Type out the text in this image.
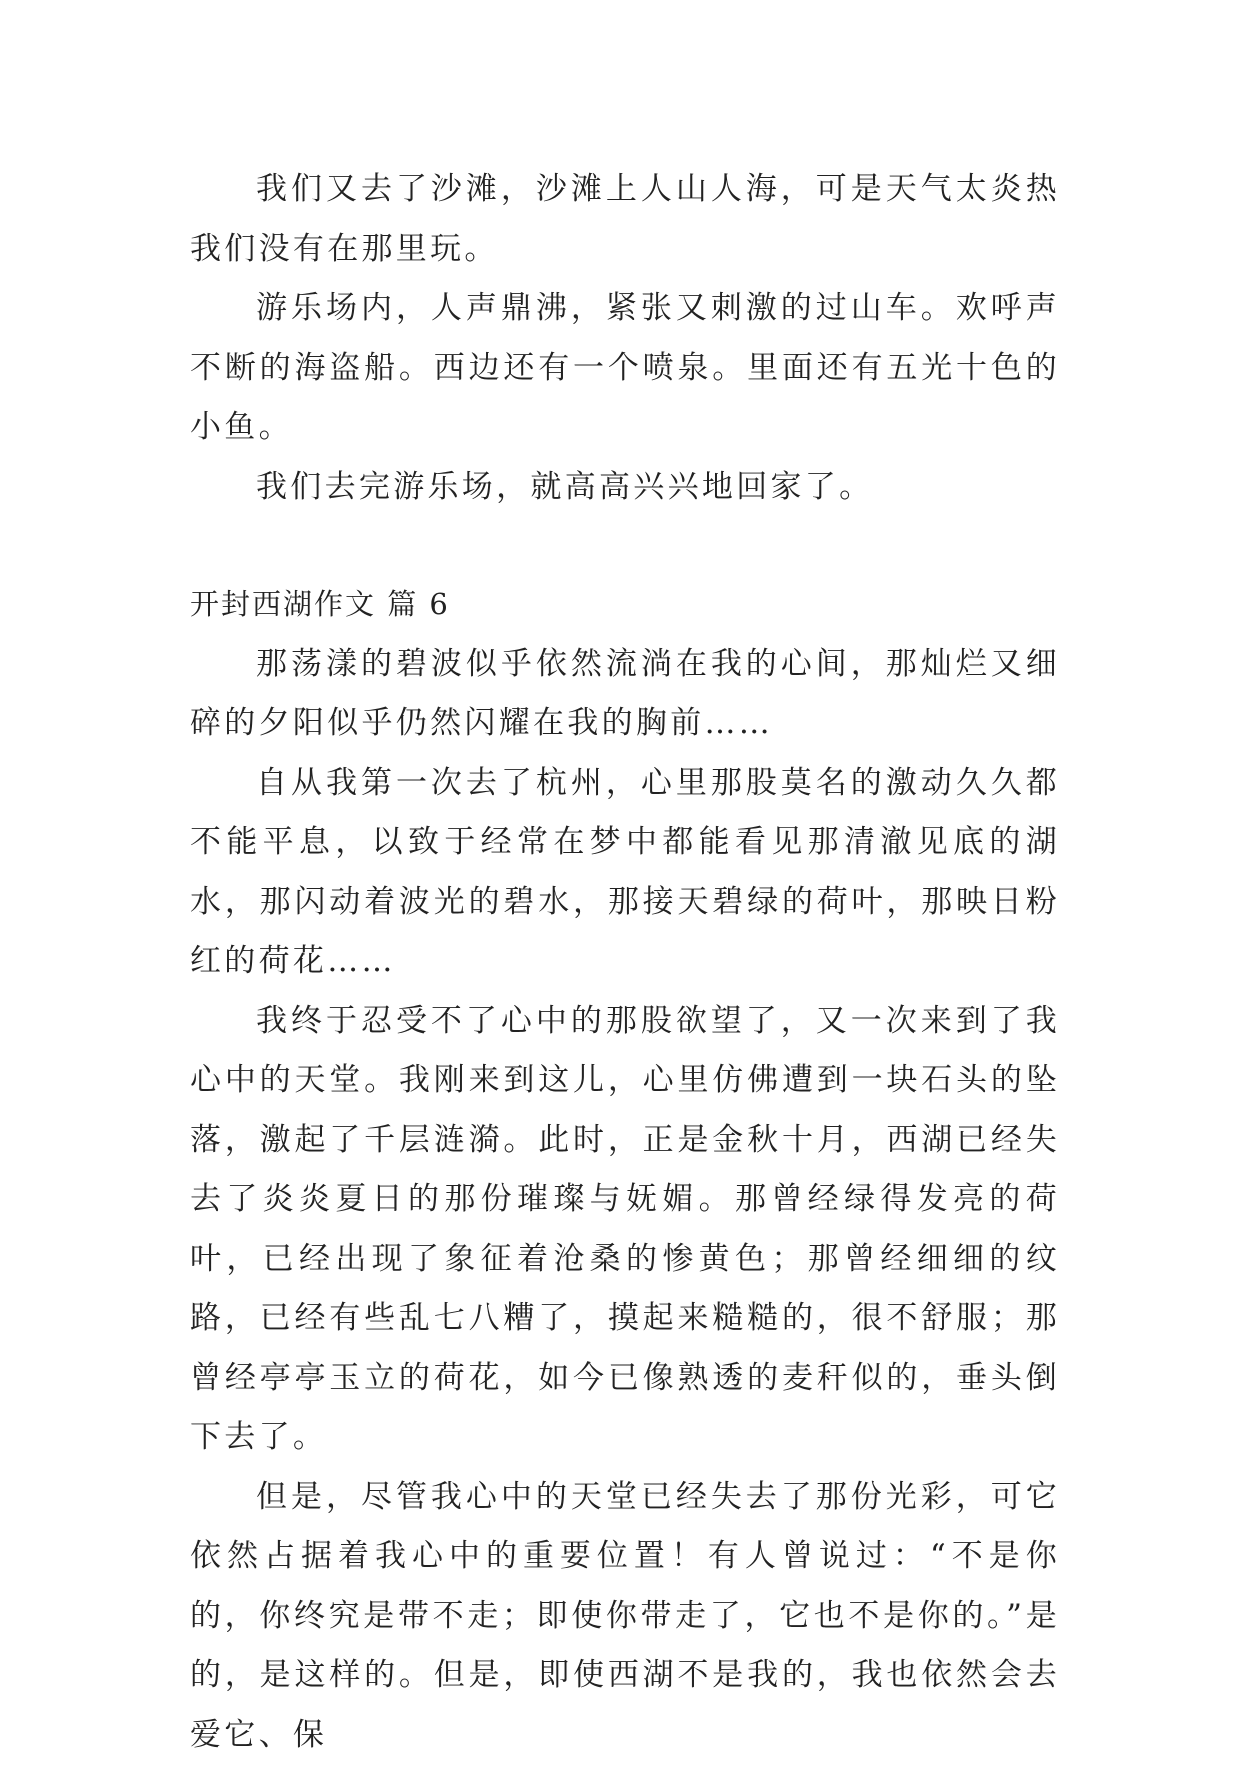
我们又去了沙滩，沙滩上人山人海，可是天气太炎热我们没有在那里玩。

游乐场内，人声鼎沸，紧张又刺激的过山车。欢呼声不断的海盗船。西边还有一个喷泉。里面还有五光十色的小鱼。

我们去完游乐场，就高高兴兴地回家了。

开封西湖作文 篇 6

那荡漾的碧波似乎依然流淌在我的心间，那灿烂又细碎的夕阳似乎仍然闪耀在我的胸前……

自从我第一次去了杭州，心里那股莫名的激动久久都不能平息，以致于经常在梦中都能看见那清澈见底的湖水，那闪动着波光的碧水，那接天碧绿的荷叶，那映日粉红的荷花……

我终于忍受不了心中的那股欲望了，又一次来到了我心中的天堂。我刚来到这儿，心里仿佛遭到一块石头的坠落，激起了千层涟漪。此时，正是金秋十月，西湖已经失去了炎炎夏日的那份璀璨与妩媚。那曾经绿得发亮的荷叶，已经出现了象征着沧桑的惨黄色；那曾经细细的纹路，已经有些乱七八糟了，摸起来糙糙的，很不舒服；那曾经亭亭玉立的荷花，如今已像熟透的麦秆似的，垂头倒下去了。

但是，尽管我心中的天堂已经失去了那份光彩，可它依然占据着我心中的重要位置！有人曾说过：“不是你的，你终究是带不走；即使你带走了，它也不是你的。”是的，是这样的。但是，即使西湖不是我的，我也依然会去爱它、保
